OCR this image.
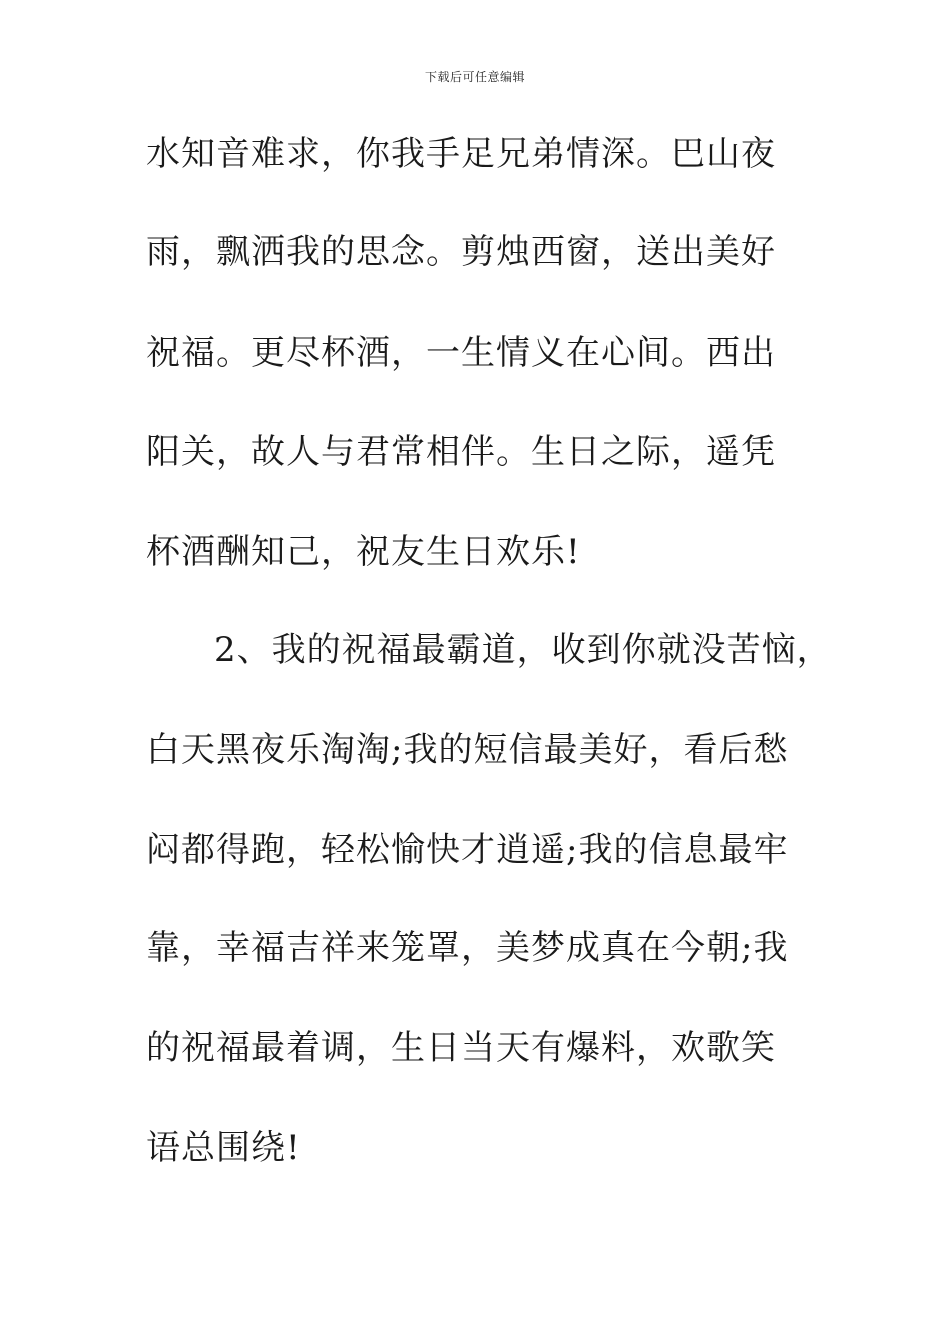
下载后可任意编辑
水知音难求，你我手足兄弟情深。巴山夜
雨，飘洒我的思念。剪烛西窗，送出美好
祝福。更尽杯酒，一生情义在心间。西出
阳关，故人与君常相伴。生日之际，遥凭
杯酒酬知己，祝友生日欢乐!
2、我的祝福最霸道，收到你就没苦恼，
白天黑夜乐淘淘;我的短信最美好，看后愁
闷都得跑，轻松愉快才逍遥;我的信息最牢
靠，幸福吉祥来笼罩，美梦成真在今朝;我
的祝福最着调，生日当天有爆料，欢歌笑
语总围绕!
